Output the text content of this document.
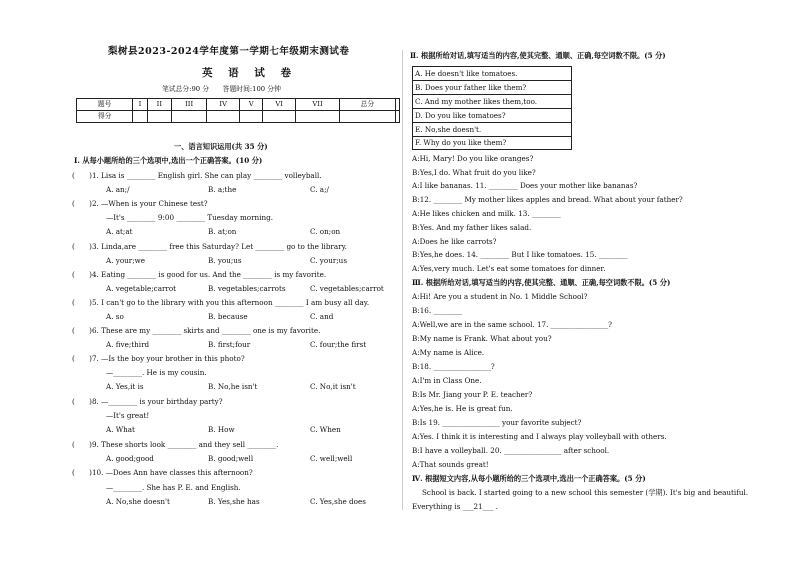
梨树县2023-2024学年度第一学期七年级期末测试卷
英 语 试 卷
笔试总分:90 分　　答题时间:100 分钟
题号	I	II	III	IV	V	VI	VII	总分	
得分									
一、语言知识运用(共 35 分)
Ⅰ. 从每小题所给的三个选项中,选出一个正确答案。(10 分)
(　　)1. Lisa is ________ English girl. She can play ________ volleyball.
A. an;/	B. a;the	C. a;/
(　　)2. —When is your Chinese test?
—It's ________ 9:00 ________ Tuesday morning.
A. at;at	B. at;on	C. on;on
(　　)3. Linda,are ________ free this Saturday? Let ________ go to the library.
A. your;we	B. you;us	C. your;us
(　　)4. Eating ________ is good for us. And the ________ is my favorite.
A. vegetable;carrot	B. vegetables;carrots	C. vegetables;carrot
(　　)5. I can't go to the library with you this afternoon ________ I am busy all day.
A. so	B. because	C. and
(　　)6. These are my ________ skirts and ________ one is my favorite.
A. five;third	B. first;four	C. four;the first
(　　)7. —Is the boy your brother in this photo?
—________. He is my cousin.
A. Yes,it is	B. No,he isn't	C. No,it isn't
(　　)8. —________ is your birthday party?
—It's great!
A. What	B. How	C. When
(　　)9. These shorts look ________ and they sell ________.
A. good;good	B. good;well	C. well;well
(　　)10. —Does Ann have classes this afternoon?
—________. She has P. E. and English.
A. No,she doesn't	B. Yes,she has	C. Yes,she does
Ⅱ. 根据所给对话,填写适当的内容,使其完整、通顺、正确,每空词数不限。(5 分)
A. He doesn't like tomatoes.
B. Does your father like them?
C. And my mother likes them,too.
D. Do you like tomatoes?
E. No,she doesn't.
F. Why do you like them?
A:Hi, Mary! Do you like oranges?
B:Yes,I do. What fruit do you like?
A:I like bananas. 11. ________ Does your mother like bananas?
B:12. ________ My mother likes apples and bread. What about your father?
A:He likes chicken and milk. 13. ________
B:Yes. And my father likes salad.
A:Does he like carrots?
B:Yes,he does. 14. ________ But I like tomatoes. 15. ________
A:Yes,very much. Let's eat some tomatoes for dinner.
Ⅲ. 根据所给对话,填写适当的内容,使其完整、通顺、正确,每空词数不限。(5 分)
A:Hi! Are you a student in No. 1 Middle School?
B:16. ________
A:Well,we are in the same school. 17. ________________?
B:My name is Frank. What about you?
A:My name is Alice.
B:18. ________________?
A:I'm in Class One.
B:Is Mr. Jiang your P. E. teacher?
A:Yes,he is. He is great fun.
B:Is 19. ________________ your favorite subject?
A:Yes. I think it is interesting and I always play volleyball with others.
B:I have a volleyball. 20. ________________ after school.
A:That sounds great!
Ⅳ. 根据短文内容,从每小题所给的三个选项中,选出一个正确答案。(5 分)
School is back. I started going to a new school this semester (学期). It's big and beautiful.
Everything is ___21___ .
